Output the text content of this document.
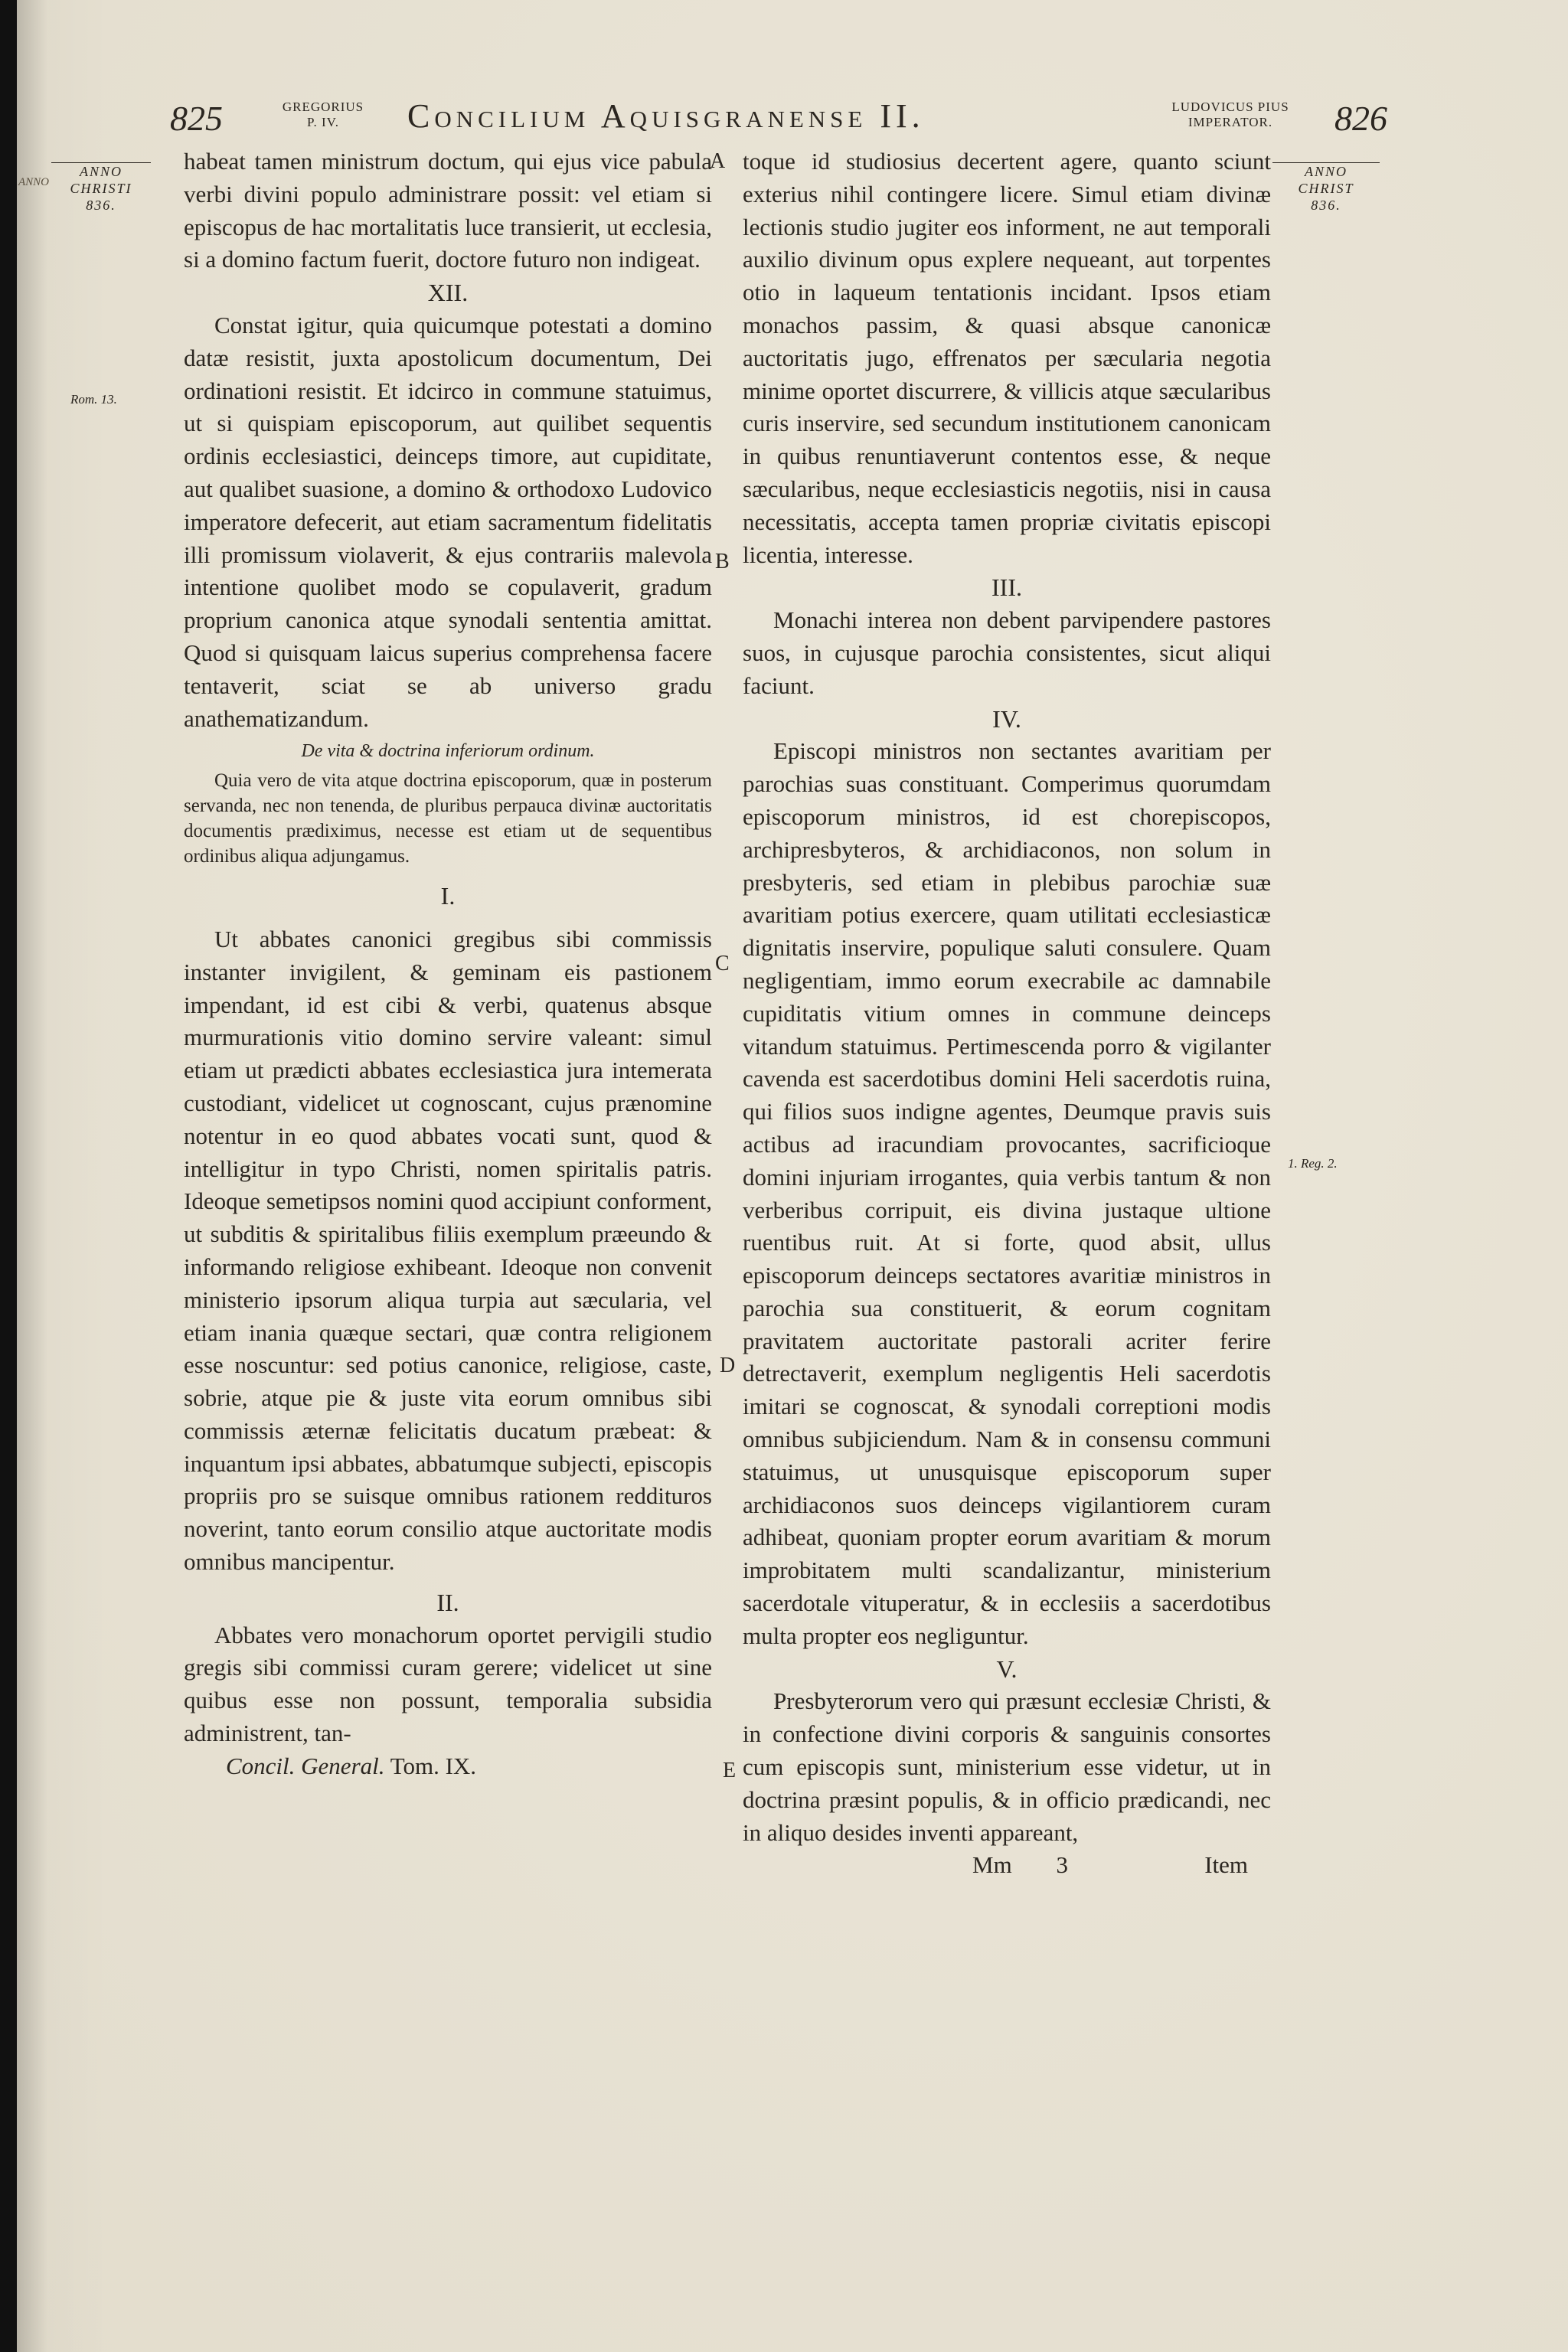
ANNO
825	GREGORIUS
P. IV.	Concilium Aquisgranense II.	LUDOVICUS PIUS
IMPERATOR.	826
ANNO
CHRISTI
836.
ANNO
CHRIST
836.
Rom. 13.
1. Reg. 2.
A
B
C
D
E

habeat tamen ministrum doctum, qui ejus vice pabula verbi divini populo administrare possit: vel etiam si episcopus de hac mortalitatis luce transierit, ut ecclesia, si a domino factum fuerit, doctore futuro non indigeat.

XII.

Constat igitur, quia quicumque potestati a domino datæ resistit, juxta apostolicum documentum, Dei ordinationi resistit. Et idcirco in commune statuimus, ut si quispiam episcoporum, aut quilibet sequentis ordinis ecclesiastici, deinceps timore, aut cupiditate, aut qualibet suasione, a domino & orthodoxo Ludovico imperatore defecerit, aut etiam sacramentum fidelitatis illi promissum violaverit, & ejus contrariis malevola intentione quolibet modo se copulaverit, gradum proprium canonica atque synodali sententia amittat. Quod si quisquam laicus superius comprehensa facere tentaverit, sciat se ab universo gradu anathematizandum.

De vita & doctrina inferiorum ordinum.

Quia vero de vita atque doctrina episcoporum, quæ in posterum servanda, nec non tenenda, de pluribus perpauca divinæ auctoritatis documentis prædiximus, necesse est etiam ut de sequentibus ordinibus aliqua adjungamus.

I.

Ut abbates canonici gregibus sibi commissis instanter invigilent, & geminam eis pastionem impendant, id est cibi & verbi, quatenus absque murmurationis vitio domino servire valeant: simul etiam ut prædicti abbates ecclesiastica jura intemerata custodiant, videlicet ut cognoscant, cujus prænomine notentur in eo quod abbates vocati sunt, quod & intelligitur in typo Christi, nomen spiritalis patris. Ideoque semetipsos nomini quod accipiunt conforment, ut subditis & spiritalibus filiis exemplum præeundo & informando religiose exhibeant. Ideoque non convenit ministerio ipsorum aliqua turpia aut sæcularia, vel etiam inania quæque sectari, quæ contra religionem esse noscuntur: sed potius canonice, religiose, caste, sobrie, atque pie & juste vita eorum omnibus sibi commissis æternæ felicitatis ducatum præbeat: & inquantum ipsi abbates, abbatumque subjecti, episcopis propriis pro se suisque omnibus rationem reddituros noverint, tanto eorum consilio atque auctoritate modis omnibus mancipentur.

II.

Abbates vero monachorum oportet pervigili studio gregis sibi commissi curam gerere; videlicet ut sine quibus esse non possunt, temporalia subsidia administrent, tan-

Concil. General. Tom. IX.

toque id studiosius decertent agere, quanto sciunt exterius nihil contingere licere. Simul etiam divinæ lectionis studio jugiter eos informent, ne aut temporali auxilio divinum opus explere nequeant, aut torpentes otio in laqueum tentationis incidant. Ipsos etiam monachos passim, & quasi absque canonicæ auctoritatis jugo, effrenatos per sæcularia negotia minime oportet discurrere, & villicis atque sæcularibus curis inservire, sed secundum institutionem canonicam in quibus renuntiaverunt contentos esse, & neque sæcularibus, neque ecclesiasticis negotiis, nisi in causa necessitatis, accepta tamen propriæ civitatis episcopi licentia, interesse.

III.

Monachi interea non debent parvipendere pastores suos, in cujusque parochia consistentes, sicut aliqui faciunt.

IV.

Episcopi ministros non sectantes avaritiam per parochias suas constituant. Comperimus quorumdam episcoporum ministros, id est chorepiscopos, archipresbyteros, & archidiaconos, non solum in presbyteris, sed etiam in plebibus parochiæ suæ avaritiam potius exercere, quam utilitati ecclesiasticæ dignitatis inservire, populique saluti consulere. Quam negligentiam, immo eorum execrabile ac damnabile cupiditatis vitium omnes in commune deinceps vitandum statuimus. Pertimescenda porro & vigilanter cavenda est sacerdotibus domini Heli sacerdotis ruina, qui filios suos indigne agentes, Deumque pravis suis actibus ad iracundiam provocantes, sacrificioque domini injuriam irrogantes, quia verbis tantum & non verberibus corripuit, eis divina justaque ultione ruentibus ruit. At si forte, quod absit, ullus episcoporum deinceps sectatores avaritiæ ministros in parochia sua constituerit, & eorum cognitam pravitatem auctoritate pastorali acriter ferire detrectaverit, exemplum negligentis Heli sacerdotis imitari se cognoscat, & synodali correptioni modis omnibus subjiciendum. Nam & in consensu communi statuimus, ut unusquisque episcoporum super archidiaconos suos deinceps vigilantiorem curam adhibeat, quoniam propter eorum avaritiam & morum improbitatem multi scandalizantur, ministerium sacerdotale vituperatur, & in ecclesiis a sacerdotibus multa propter eos negliguntur.

V.

Presbyterorum vero qui præsunt ecclesiæ Christi, & in confectione divini corporis & sanguinis consortes cum episcopis sunt, ministerium esse videtur, ut in doctrina præsint populis, & in officio prædicandi, nec in aliquo desides inventi appareant,

Mm 3	Item
